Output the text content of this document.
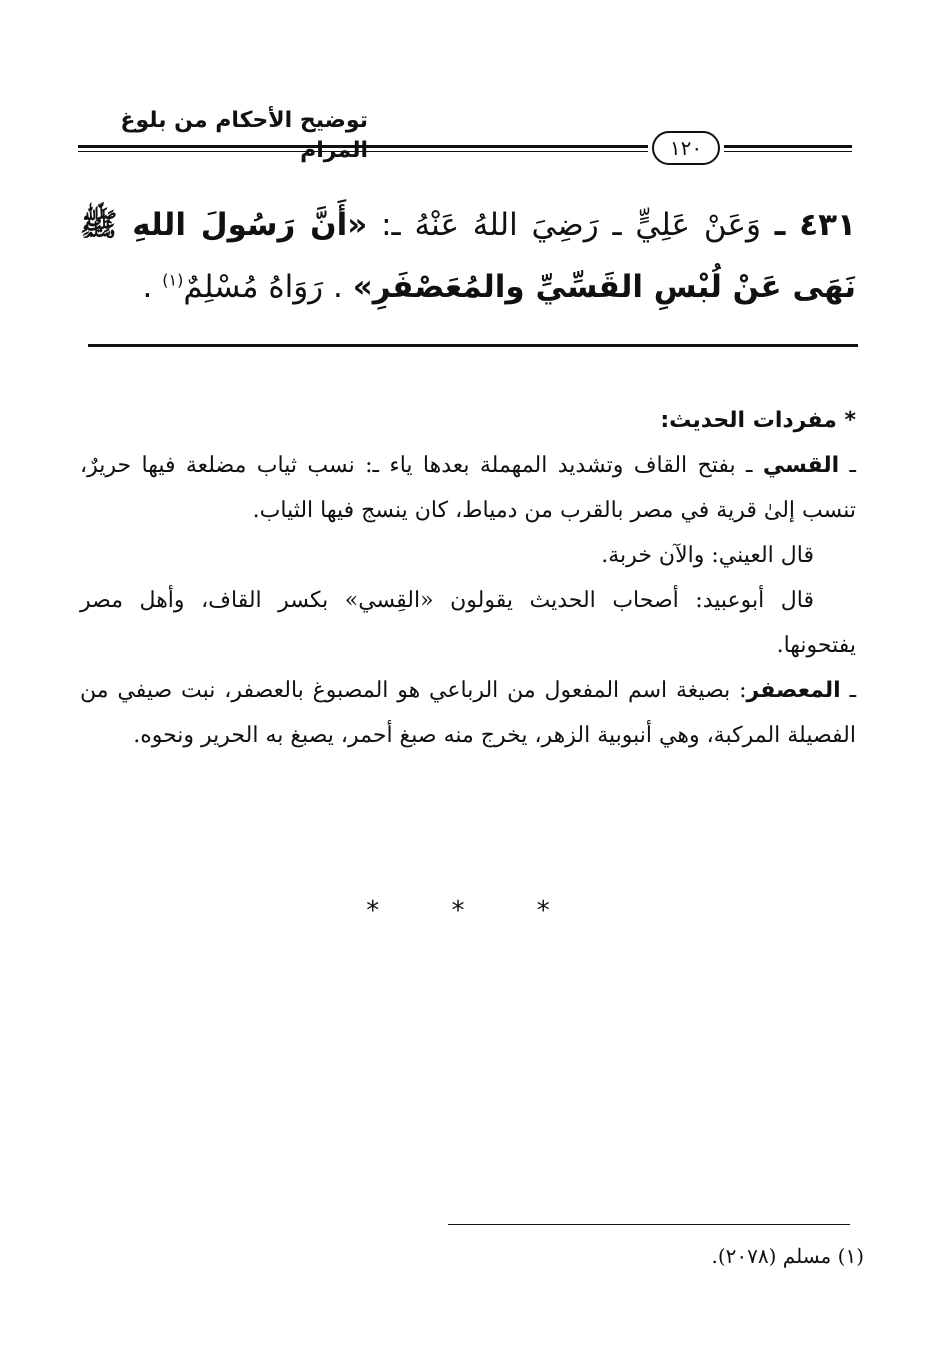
توضيح الأحكام من بلوغ
١٢٠
٤٣١ ـ وَعَنْ عَلِيٍّ ـ رَضِيَ اللهُ عَنْهُ ـ: «أَنَّ رَسُولَ اللهِ ﷺ نَهَى عَنْ لُبْسِ القَسِّيِّ والمُعَصْفَرِ» . رَوَاهُ مُسْلِمٌ$^{(١)}$ .

* مفردات الحديث:

ـ القسي ـ بفتح القاف وتشديد المهملة بعدها ياء ـ: نسب ثياب مضلعة فيها حريرٌ، تنسب إلىٰ قرية في مصر بالقرب من دمياط، كان ينسج فيها الثياب.

قال العيني: والآن خربة.

قال أبوعبيد: أصحاب الحديث يقولون «القِسي» بكسر القاف، وأهل مصر يفتحونها.

ـ المعصفر: بصيغة اسم المفعول من الرباعي هو المصبوغ بالعصفر، نبت صيفي من الفصيلة المركبة، وهي أنبوبية الزهر، يخرج منه صبغ أحمر، يصبغ به الحرير ونحوه.

* * *
(١) مسلم (٢٠٧٨).
